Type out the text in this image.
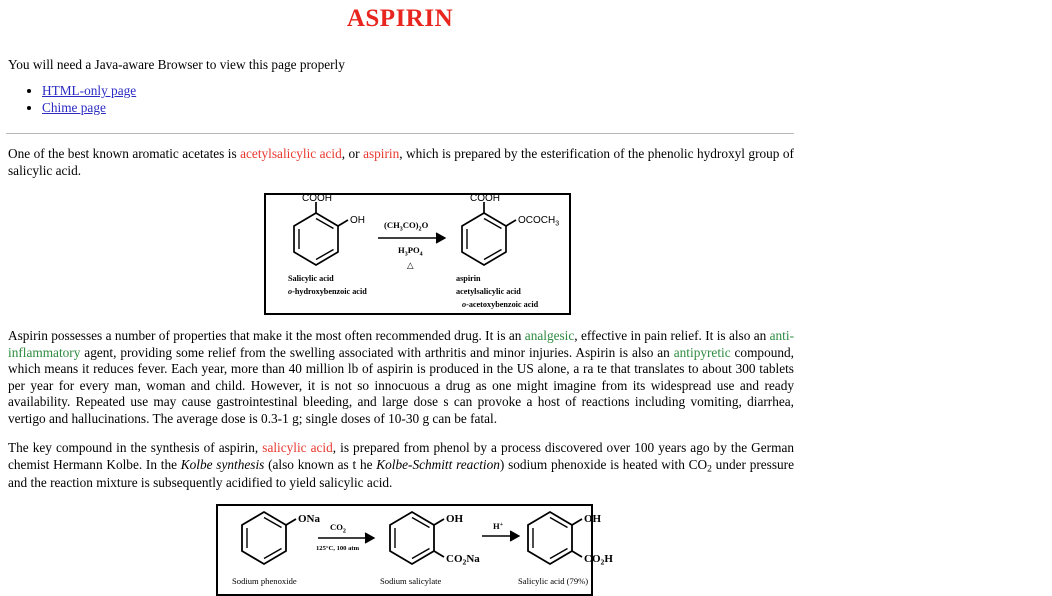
ASPIRIN

You will need a Java-aware Browser to view this page properly

• HTML-only page
• Chime page

One of the best known aromatic acetates is acetylsalicylic acid, or aspirin, which is prepared by the esterification of the phenolic hydroxyl group of salicylic acid.

COOH
OH
Salicylic acid
o-hydroxybenzoic acid
$(CH_3CO)_2O$
$H_3PO_4$
△
COOH
$OCOCH_3$
aspirin
acetylsalicylic acid
o-acetoxybenzoic acid

Aspirin possesses a number of properties that make it the most often recommended drug. It is an analgesic, effective in pain relief. It is also an anti-inflammatory agent, providing some relief from the swelling associated with arthritis and minor injuries. Aspirin is also an antipyretic compound, which means it reduces fever. Each year, more than 40 million lb of aspirin is produced in the US alone, a ra te that translates to about 300 tablets per year for every man, woman and child. However, it is not so innocuous a drug as one might imagine from its widespread use and ready availability. Repeated use may cause gastrointestinal bleeding, and large dose s can provoke a host of reactions including vomiting, diarrhea, vertigo and hallucinations. The average dose is 0.3-1 g; single doses of 10-30 g can be fatal.

The key compound in the synthesis of aspirin, salicylic acid, is prepared from phenol by a process discovered over 100 years ago by the German chemist Hermann Kolbe. In the Kolbe synthesis (also known as t he Kolbe-Schmitt reaction) sodium phenoxide is heated with $CO_2$ under pressure and the reaction mixture is subsequently acidified to yield salicylic acid.

ONa
Sodium phenoxide
$CO_2$
125°C, 100 atm
OH
$CO_2Na$
Sodium salicylate
H+	OH
$CO_2H$
Salicylic acid (79%)
